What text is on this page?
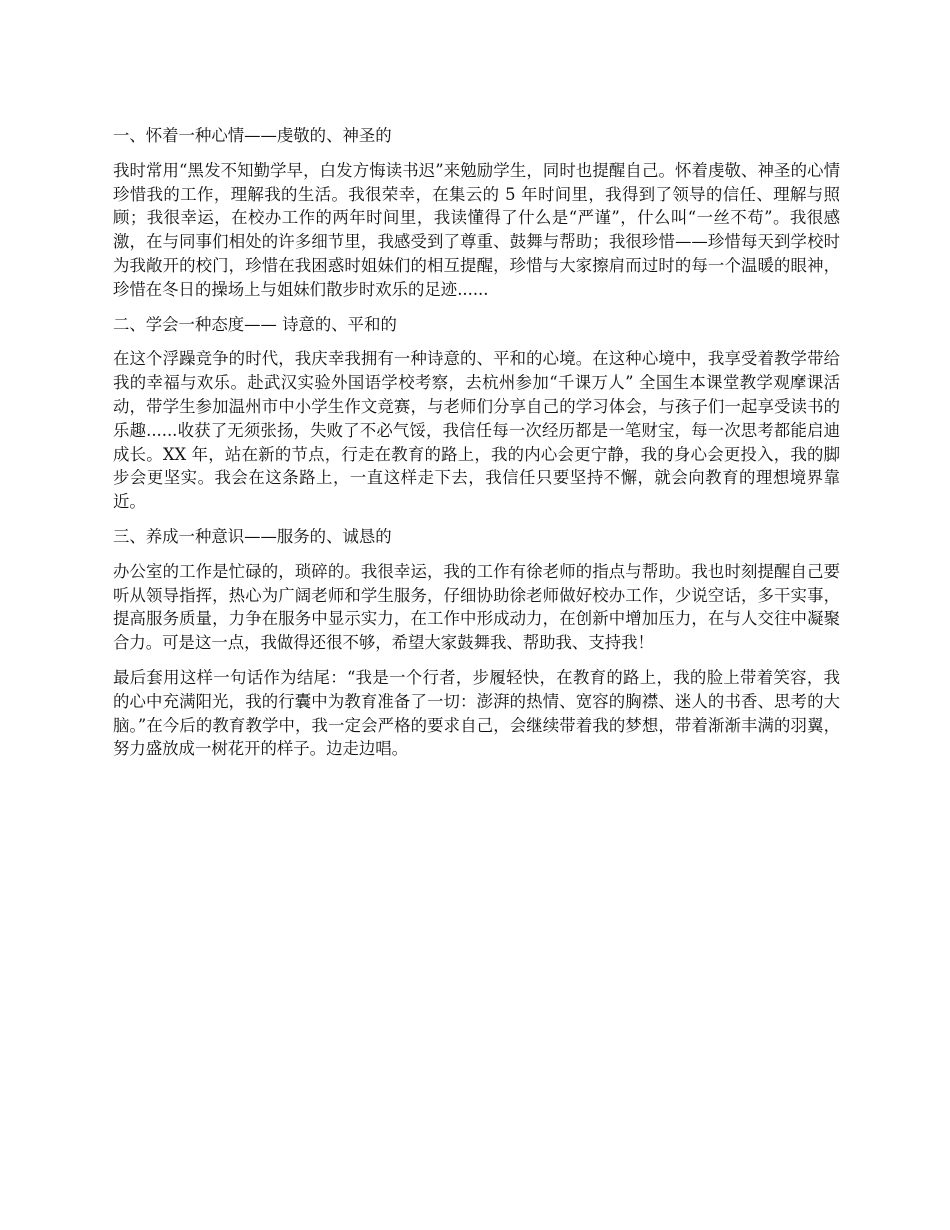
一、怀着一种心情——虔敬的、神圣的

我时常用“黑发不知勤学早，白发方悔读书迟”来勉励学生，同时也提醒自己。怀着虔敬、神圣的心情珍惜我的工作，理解我的生活。我很荣幸，在集云的 5 年时间里，我得到了领导的信任、理解与照顾；我很幸运，在校办工作的两年时间里，我读懂得了什么是“严谨”，什么叫“一丝不苟”。我很感激，在与同事们相处的许多细节里，我感受到了尊重、鼓舞与帮助；我很珍惜——珍惜每天到学校时为我敞开的校门，珍惜在我困惑时姐妹们的相互提醒，珍惜与大家擦肩而过时的每一个温暖的眼神，珍惜在冬日的操场上与姐妹们散步时欢乐的足迹......

二、学会一种态度—— 诗意的、平和的

在这个浮躁竞争的时代，我庆幸我拥有一种诗意的、平和的心境。在这种心境中，我享受着教学带给我的幸福与欢乐。赴武汉实验外国语学校考察，去杭州参加“千课万人” 全国生本课堂教学观摩课活动，带学生参加温州市中小学生作文竞赛，与老师们分享自己的学习体会，与孩子们一起享受读书的乐趣......收获了无须张扬，失败了不必气馁，我信任每一次经历都是一笔财宝，每一次思考都能启迪成长。XX 年，站在新的节点，行走在教育的路上，我的内心会更宁静，我的身心会更投入，我的脚步会更坚实。我会在这条路上，一直这样走下去，我信任只要坚持不懈，就会向教育的理想境界靠近。

三、养成一种意识——服务的、诚恳的

办公室的工作是忙碌的，琐碎的。我很幸运，我的工作有徐老师的指点与帮助。我也时刻提醒自己要听从领导指挥，热心为广阔老师和学生服务，仔细协助徐老师做好校办工作，少说空话，多干实事，提高服务质量，力争在服务中显示实力，在工作中形成动力，在创新中增加压力，在与人交往中凝聚合力。可是这一点，我做得还很不够，希望大家鼓舞我、帮助我、支持我！

最后套用这样一句话作为结尾：“我是一个行者，步履轻快，在教育的路上，我的脸上带着笑容，我的心中充满阳光，我的行囊中为教育准备了一切：澎湃的热情、宽容的胸襟、迷人的书香、思考的大脑。”在今后的教育教学中，我一定会严格的要求自己，会继续带着我的梦想，带着渐渐丰满的羽翼，努力盛放成一树花开的样子。边走边唱。
